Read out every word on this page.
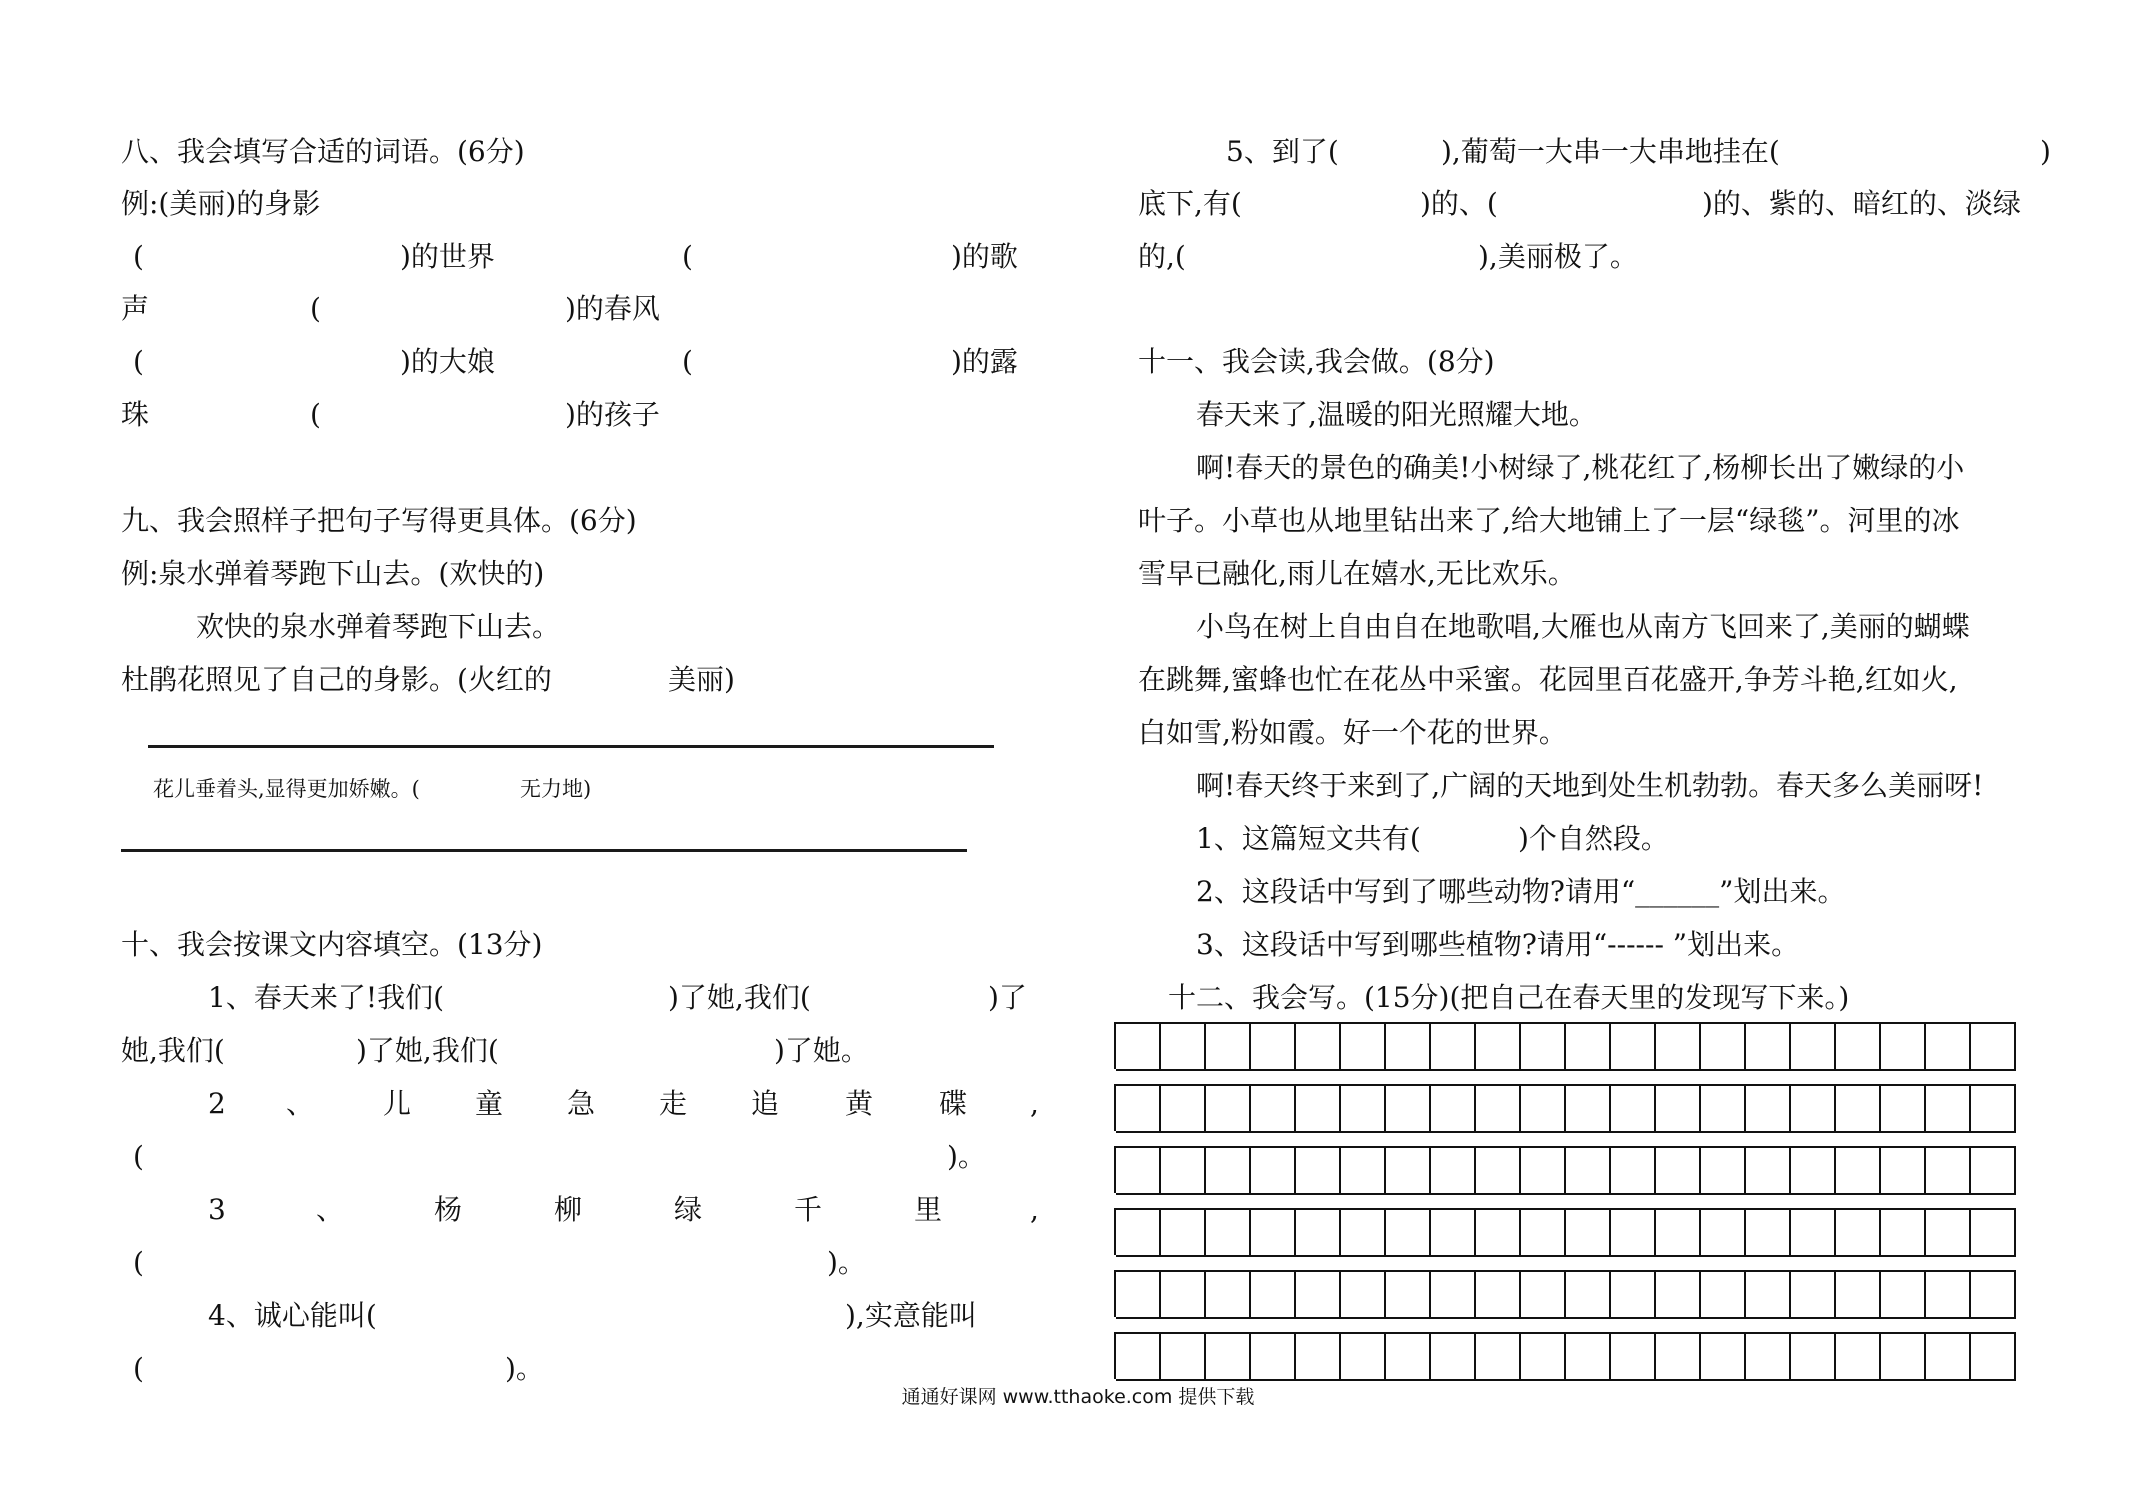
八、我会填写合适的词语。(6分)
例:(美丽)的身影
(	)的世界	(	)的歌
声	(	)的春风
(	)的大娘	(	)的露
珠	(	)的孩子
九、我会照样子把句子写得更具体。(6分)
例:泉水弹着琴跑下山去。(欢快的)
欢快的泉水弹着琴跑下山去。
杜鹃花照见了自己的身影。(火红的	美丽)
花儿垂着头,显得更加娇嫩。(	无力地)
十、我会按课文内容填空。(13分)
1、春天来了!我们(	)了她,我们(	)了
她,我们(	)了她,我们(	)了她。
2 、 儿 童 急 走 追 黄 碟 ,
(	)。
3	、	杨	柳	绿	千	里	,
(	)。
4、诚心能叫(	),实意能叫
(	)。
5、到了(	),葡萄一大串一大串地挂在(	)
底下,有(	)的、(	)的、紫的、暗红的、淡绿
的,(	),美丽极了。
十一、我会读,我会做。(8分)
春天来了,温暖的阳光照耀大地。
啊!春天的景色的确美!小树绿了,桃花红了,杨柳长出了嫩绿的小
叶子。小草也从地里钻出来了,给大地铺上了一层“绿毯”。河里的冰
雪早已融化,雨儿在嬉水,无比欢乐。
小鸟在树上自由自在地歌唱,大雁也从南方飞回来了,美丽的蝴蝶
在跳舞,蜜蜂也忙在花丛中采蜜。花园里百花盛开,争芳斗艳,红如火,
白如雪,粉如霞。好一个花的世界。
啊!春天终于来到了,广阔的天地到处生机勃勃。春天多么美丽呀!
1、这篇短文共有(	)个自然段。
2、这段话中写到了哪些动物?请用“______”划出来。
3、这段话中写到哪些植物?请用“------ ”划出来。
十二、我会写。(15分)(把自己在春天里的发现写下来。)
通通好课网 www.tthaoke.com 提供下载
